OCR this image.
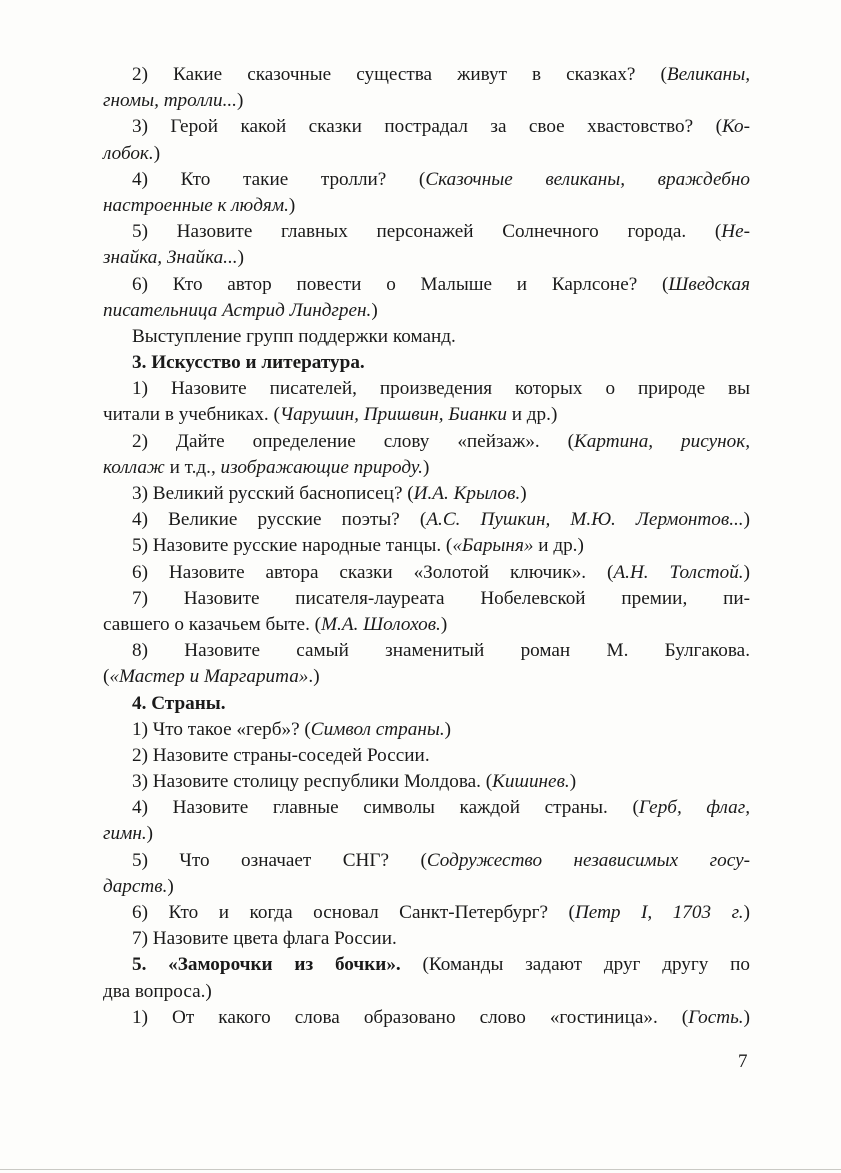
2) Какие сказочные существа живут в сказках? (Великаны,
гномы, тролли...)
3) Герой какой сказки пострадал за свое хвастовство? (Ко-
лобок.)
4) Кто такие тролли? (Сказочные великаны, враждебно
настроенные к людям.)
5) Назовите главных персонажей Солнечного города. (Не-
знайка, Знайка...)
6) Кто автор повести о Малыше и Карлсоне? (Шведская
писательница Астрид Линдгрен.)
Выступление групп поддержки команд.
3. Искусство и литература.
1) Назовите писателей, произведения которых о природе вы
читали в учебниках. (Чарушин, Пришвин, Бианки и др.)
2) Дайте определение слову «пейзаж». (Картина, рисунок,
коллаж и т.д., изображающие природу.)
3) Великий русский баснописец? (И.А. Крылов.)
4) Великие русские поэты? (А.С. Пушкин, М.Ю. Лермонтов...)
5) Назовите русские народные танцы. («Барыня» и др.)
6) Назовите автора сказки «Золотой ключик». (А.Н. Толстой.)
7) Назовите писателя-лауреата Нобелевской премии, пи-
савшего о казачьем быте. (М.А. Шолохов.)
8) Назовите самый знаменитый роман М. Булгакова.
(«Мастер и Маргарита».)
4. Страны.
1) Что такое «герб»? (Символ страны.)
2) Назовите страны-соседей России.
3) Назовите столицу республики Молдова. (Кишинев.)
4) Назовите главные символы каждой страны. (Герб, флаг,
гимн.)
5) Что означает СНГ? (Содружество независимых госу-
дарств.)
6) Кто и когда основал Санкт-Петербург? (Петр I, 1703 г.)
7) Назовите цвета флага России.
5. «Заморочки из бочки». (Команды задают друг другу по
два вопроса.)
1) От какого слова образовано слово «гостиница». (Гость.)
7
